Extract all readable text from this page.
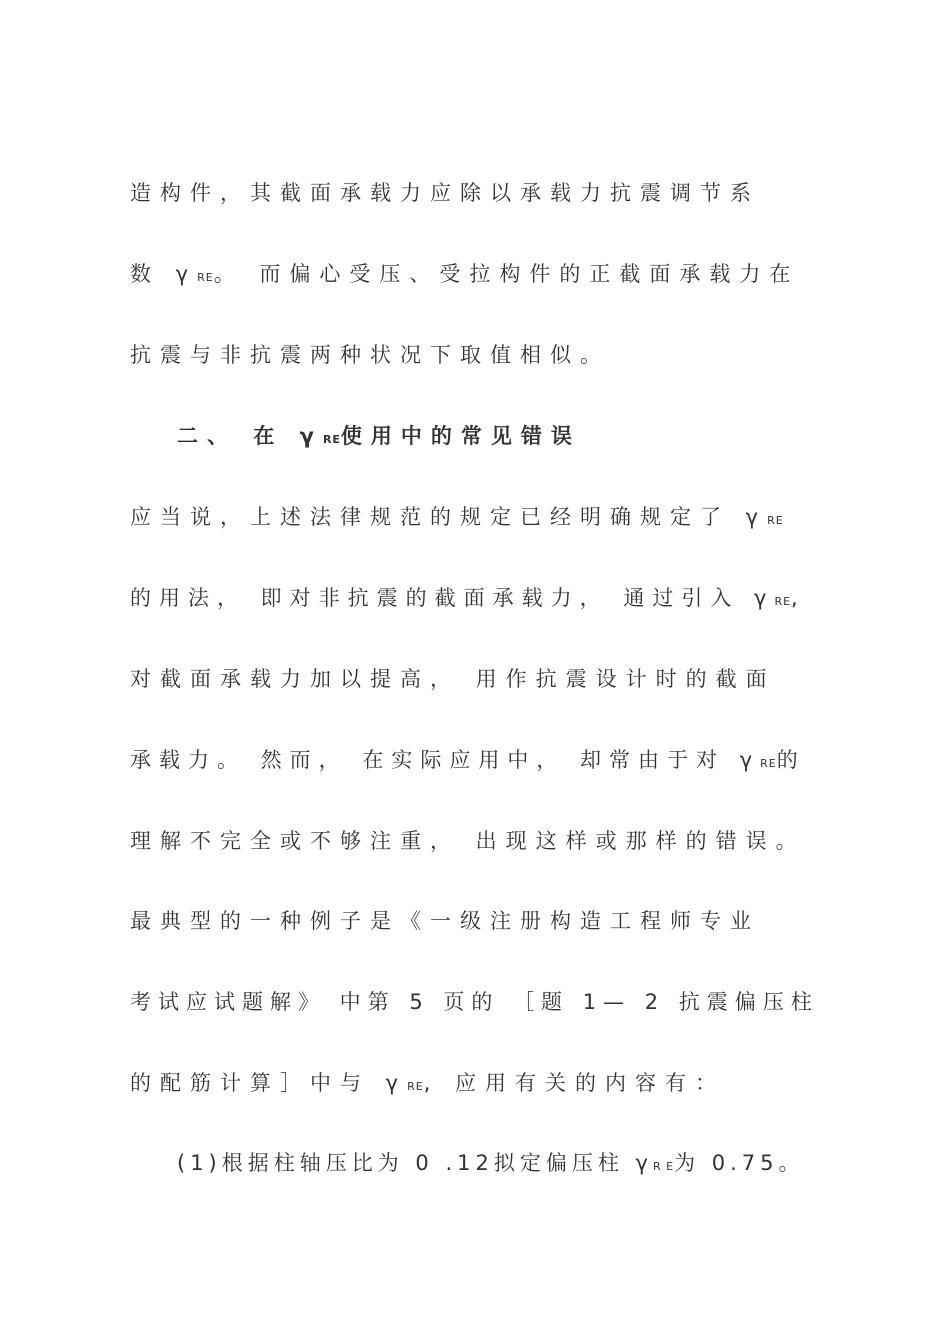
造构件，其截面承载力应除以承载力抗震调节系
数 γRE。 而偏心受压、受拉构件的正截面承载力在
抗震与非抗震两种状况下取值相似。
二、 在 γRE使用中的常见错误
应当说，上述法律规范的规定已经明确规定了 γRE
的用法， 即对非抗震的截面承载力， 通过引入 γRE,
对截面承载力加以提高， 用作抗震设计时的截面
承载力。 然而， 在实际应用中， 却常由于对 γRE的
理解不完全或不够注重， 出现这样或那样的错误。
最典型的一种例子是《一级注册构造工程师专业
考试应试题解》 中第 5 页的 ［题 1— 2 抗震偏压柱
的配筋计算］中与 γRE, 应用有关的内容有：
(1)根据柱轴压比为 0 .12拟定偏压柱 γR E为 0.75。
